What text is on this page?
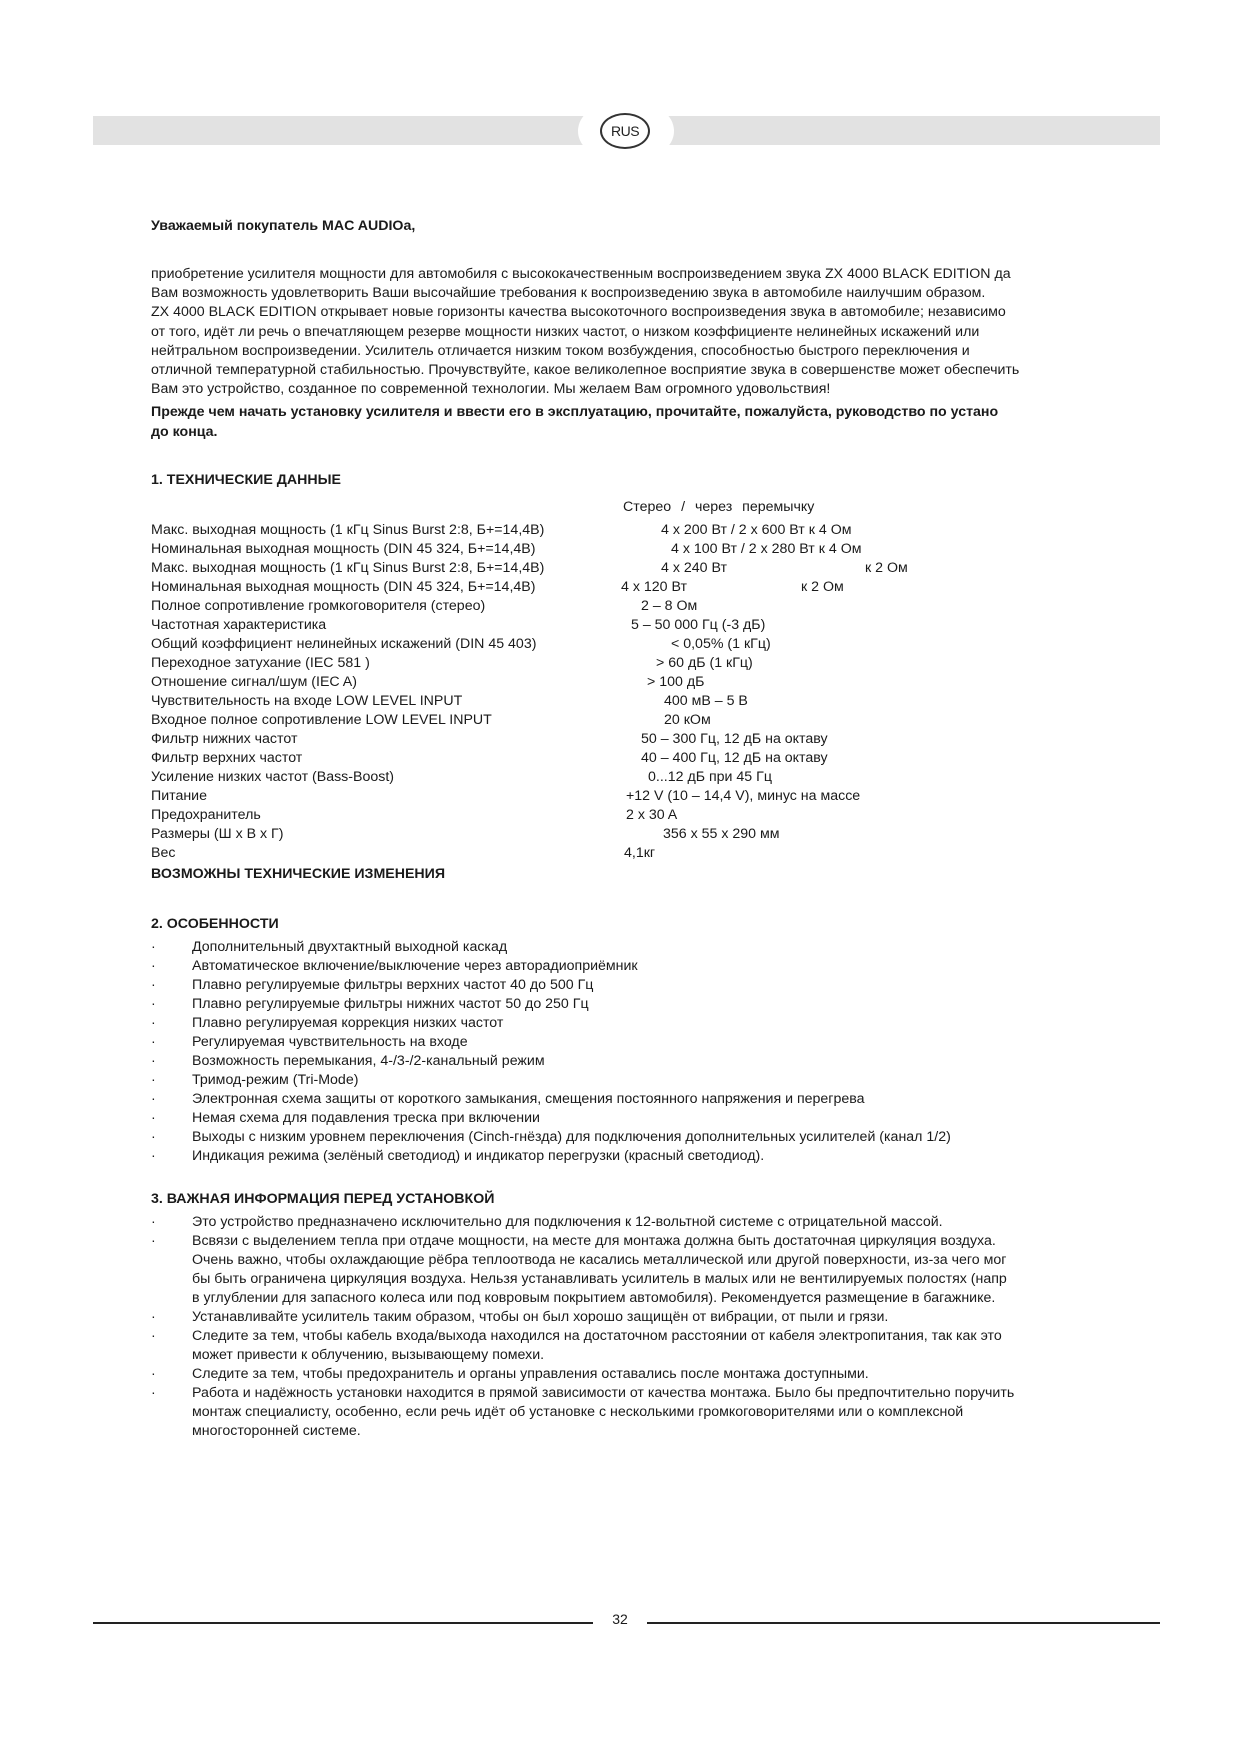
RUS
Уважаемый покупатель MAC AUDIOa,

приобретение усилителя мощности для автомобиля с высококачественным воспроизведением звука ZX 4000 BLACK EDITION да

Вам возможность удовлетворить Ваши высочайшие требования к воспроизведению звука в автомобиле наилучшим образом.

ZX 4000 BLACK EDITION открывает новые горизонты качества высокоточного воспроизведения звука в автомобиле; независимо

от того, идёт ли речь о впечатляющем резерве мощности низких частот, о низком коэффициенте нелинейных искажений или

нейтральном воспроизведении. Усилитель отличается низким током возбуждения, способностью быстрого переключения и

отличной температурной стабильностью. Прочувствуйте, какое великолепное восприятие звука в совершенстве может обеспечить

Вам это устройство, созданное по современной технологии. Мы желаем Вам огромного удовольствия!

Прежде чем начать установку усилителя и ввести его в эксплуатацию, прочитайте, пожалуйста, руководство по устано

до конца.

1. ТЕХНИЧЕСКИЕ ДАННЫЕ
Стерео / через перемычку
Макс. выходная мощность (1 кГц Sinus Burst 2:8, Б+=14,4В)	4 x 200 Вт / 2 x 600 Вт к 4 Ом
Номинальная выходная мощность (DIN 45 324, Б+=14,4В)	4 x 100 Вт / 2 x 280 Вт к 4 Ом
Макс. выходная мощность (1 кГц Sinus Burst 2:8, Б+=14,4В)	4 x 240 Вт	к 2 Ом
Номинальная выходная мощность (DIN 45 324, Б+=14,4В)	4 x 120 Вт	к 2 Ом
Полное сопротивление громкоговорителя (стерео)	2 – 8 Ом
Частотная характеристика	5 – 50 000 Гц (-3 дБ)
Общий коэффициент нелинейных искажений (DIN 45 403)	< 0,05% (1 кГц)
Переходное затухание (IEC 581 )	> 60 дБ (1 кГц)
Отношение сигнал/шум (IEC A)	> 100 дБ
Чувствительность на входе LOW LEVEL INPUT	400 мВ – 5 В
Входное полное сопротивление LOW LEVEL INPUT	20 кОм
Фильтр нижних частот	50 – 300 Гц, 12 дБ на октаву
Фильтр верхних частот	40 – 400 Гц, 12 дБ на октаву
Усиление низких частот (Bass-Boost)	0...12 дБ при 45 Гц
Питание	+12 V (10 – 14,4 V), минус на массе
Предохранитель	2 x 30 A
Размеры (Ш x В x Г)	356 x 55 x 290 мм
Вес	4,1кг
ВОЗМОЖНЫ ТЕХНИЧЕСКИЕ ИЗМЕНЕНИЯ
2. ОСОБЕННОСТИ
·	Дополнительный двухтактный выходной каскад
·	Автоматическое включение/выключение через авторадиоприёмник
·	Плавно регулируемые фильтры верхних частот 40 до 500 Гц
·	Плавно регулируемые фильтры нижних частот 50 до 250 Гц
·	Плавно регулируемая коррекция низких частот
·	Регулируемая чувствительность на входе
·	Возможность перемыкания, 4-/3-/2-канальный режим
·	Тримод-режим (Tri-Mode)
·	Электронная схема защиты от короткого замыкания, смещения постоянного напряжения и перегрева
·	Немая схема для подавления треска при включении
·	Выходы с низким уровнем переключения (Cinch-гнёзда) для подключения дополнительных усилителей (канал 1/2)
·	Индикация режима (зелёный светодиод) и индикатор перегрузки (красный светодиод).
3. ВАЖНАЯ ИНФОРМАЦИЯ ПЕРЕД УСТАНОВКОЙ
·	Это устройство предназначено исключительно для подключения к 12-вольтной системе с отрицательной массой.
·	Всвязи с выделением тепла при отдаче мощности, на месте для монтажа должна быть достаточная циркуляция воздуха.
Очень важно, чтобы охлаждающие рёбра теплоотвода не касались металлической или другой поверхности, из-за чего мог
бы быть ограничена циркуляция воздуха. Нельзя устанавливать усилитель в малых или не вентилируемых полостях (напр
в углублении для запасного колеса или под ковровым покрытием автомобиля). Рекомендуется размещение в багажнике.
·	Устанавливайте усилитель таким образом, чтобы он был хорошо защищён от вибрации, от пыли и грязи.
·	Следите за тем, чтобы кабель входа/выхода находился на достаточном расстоянии от кабеля электропитания, так как это
может привести к облучению, вызывающему помехи.
·	Следите за тем, чтобы предохранитель и органы управления оставались после монтажа доступными.
·	Работа и надёжность установки находится в прямой зависимости от качества монтажа. Было бы предпочтительно поручить
монтаж специалисту, особенно, если речь идёт об установке с несколькими громкоговорителями или о комплексной
многосторонней системе.
32
